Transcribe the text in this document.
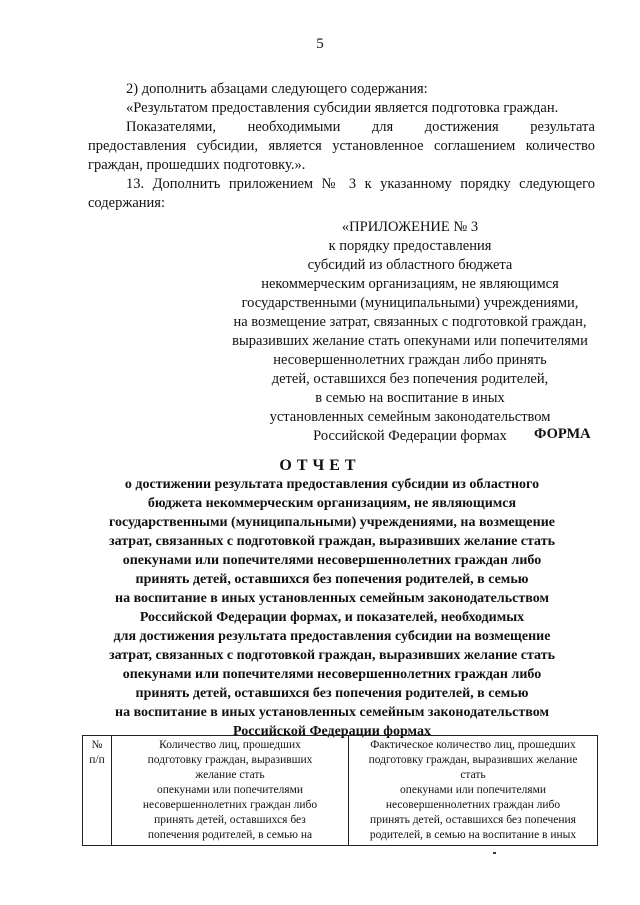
5
2) дополнить абзацами следующего содержания:
«Результатом предоставления субсидии является подготовка граждан.
Показателями, необходимыми для достижения результата
предоставления субсидии, является установленное соглашением количество
граждан, прошедших подготовку.».
13. Дополнить приложением № 3 к указанному порядку следующего
содержания:
«ПРИЛОЖЕНИЕ № 3
к порядку предоставления
субсидий из областного бюджета
некоммерческим организациям, не являющимся
государственными (муниципальными) учреждениями,
на возмещение затрат, связанных с подготовкой граждан,
выразивших желание стать опекунами или попечителями
несовершеннолетних граждан либо принять
детей, оставшихся без попечения родителей,
в семью на воспитание в иных
установленных семейным законодательством
Российской Федерации формах	ФОРМА
ОТЧЕТ
о достижении результата предоставления субсидии из областного
бюджета некоммерческим организациям, не являющимся
государственными (муниципальными) учреждениями, на возмещение
затрат, связанных с подготовкой граждан, выразивших желание стать
опекунами или попечителями несовершеннолетних граждан либо
принять детей, оставшихся без попечения родителей, в семью
на воспитание в иных установленных семейным законодательством
Российской Федерации формах, и показателей, необходимых
для достижения результата предоставления субсидии на возмещение
затрат, связанных с подготовкой граждан, выразивших желание стать
опекунами или попечителями несовершеннолетних граждан либо
принять детей, оставшихся без попечения родителей, в семью
на воспитание в иных установленных семейным законодательством
Российской Федерации формах
№
п/п	Количество лиц, прошедших
подготовку граждан, выразивших
желание стать
опекунами или попечителями
несовершеннолетних граждан либо
принять детей, оставшихся без
попечения родителей, в семью на	Фактическое количество лиц, прошедших
подготовку граждан, выразивших желание
стать
опекунами или попечителями
несовершеннолетних граждан либо
принять детей, оставшихся без попечения
родителей, в семью на воспитание в иных
